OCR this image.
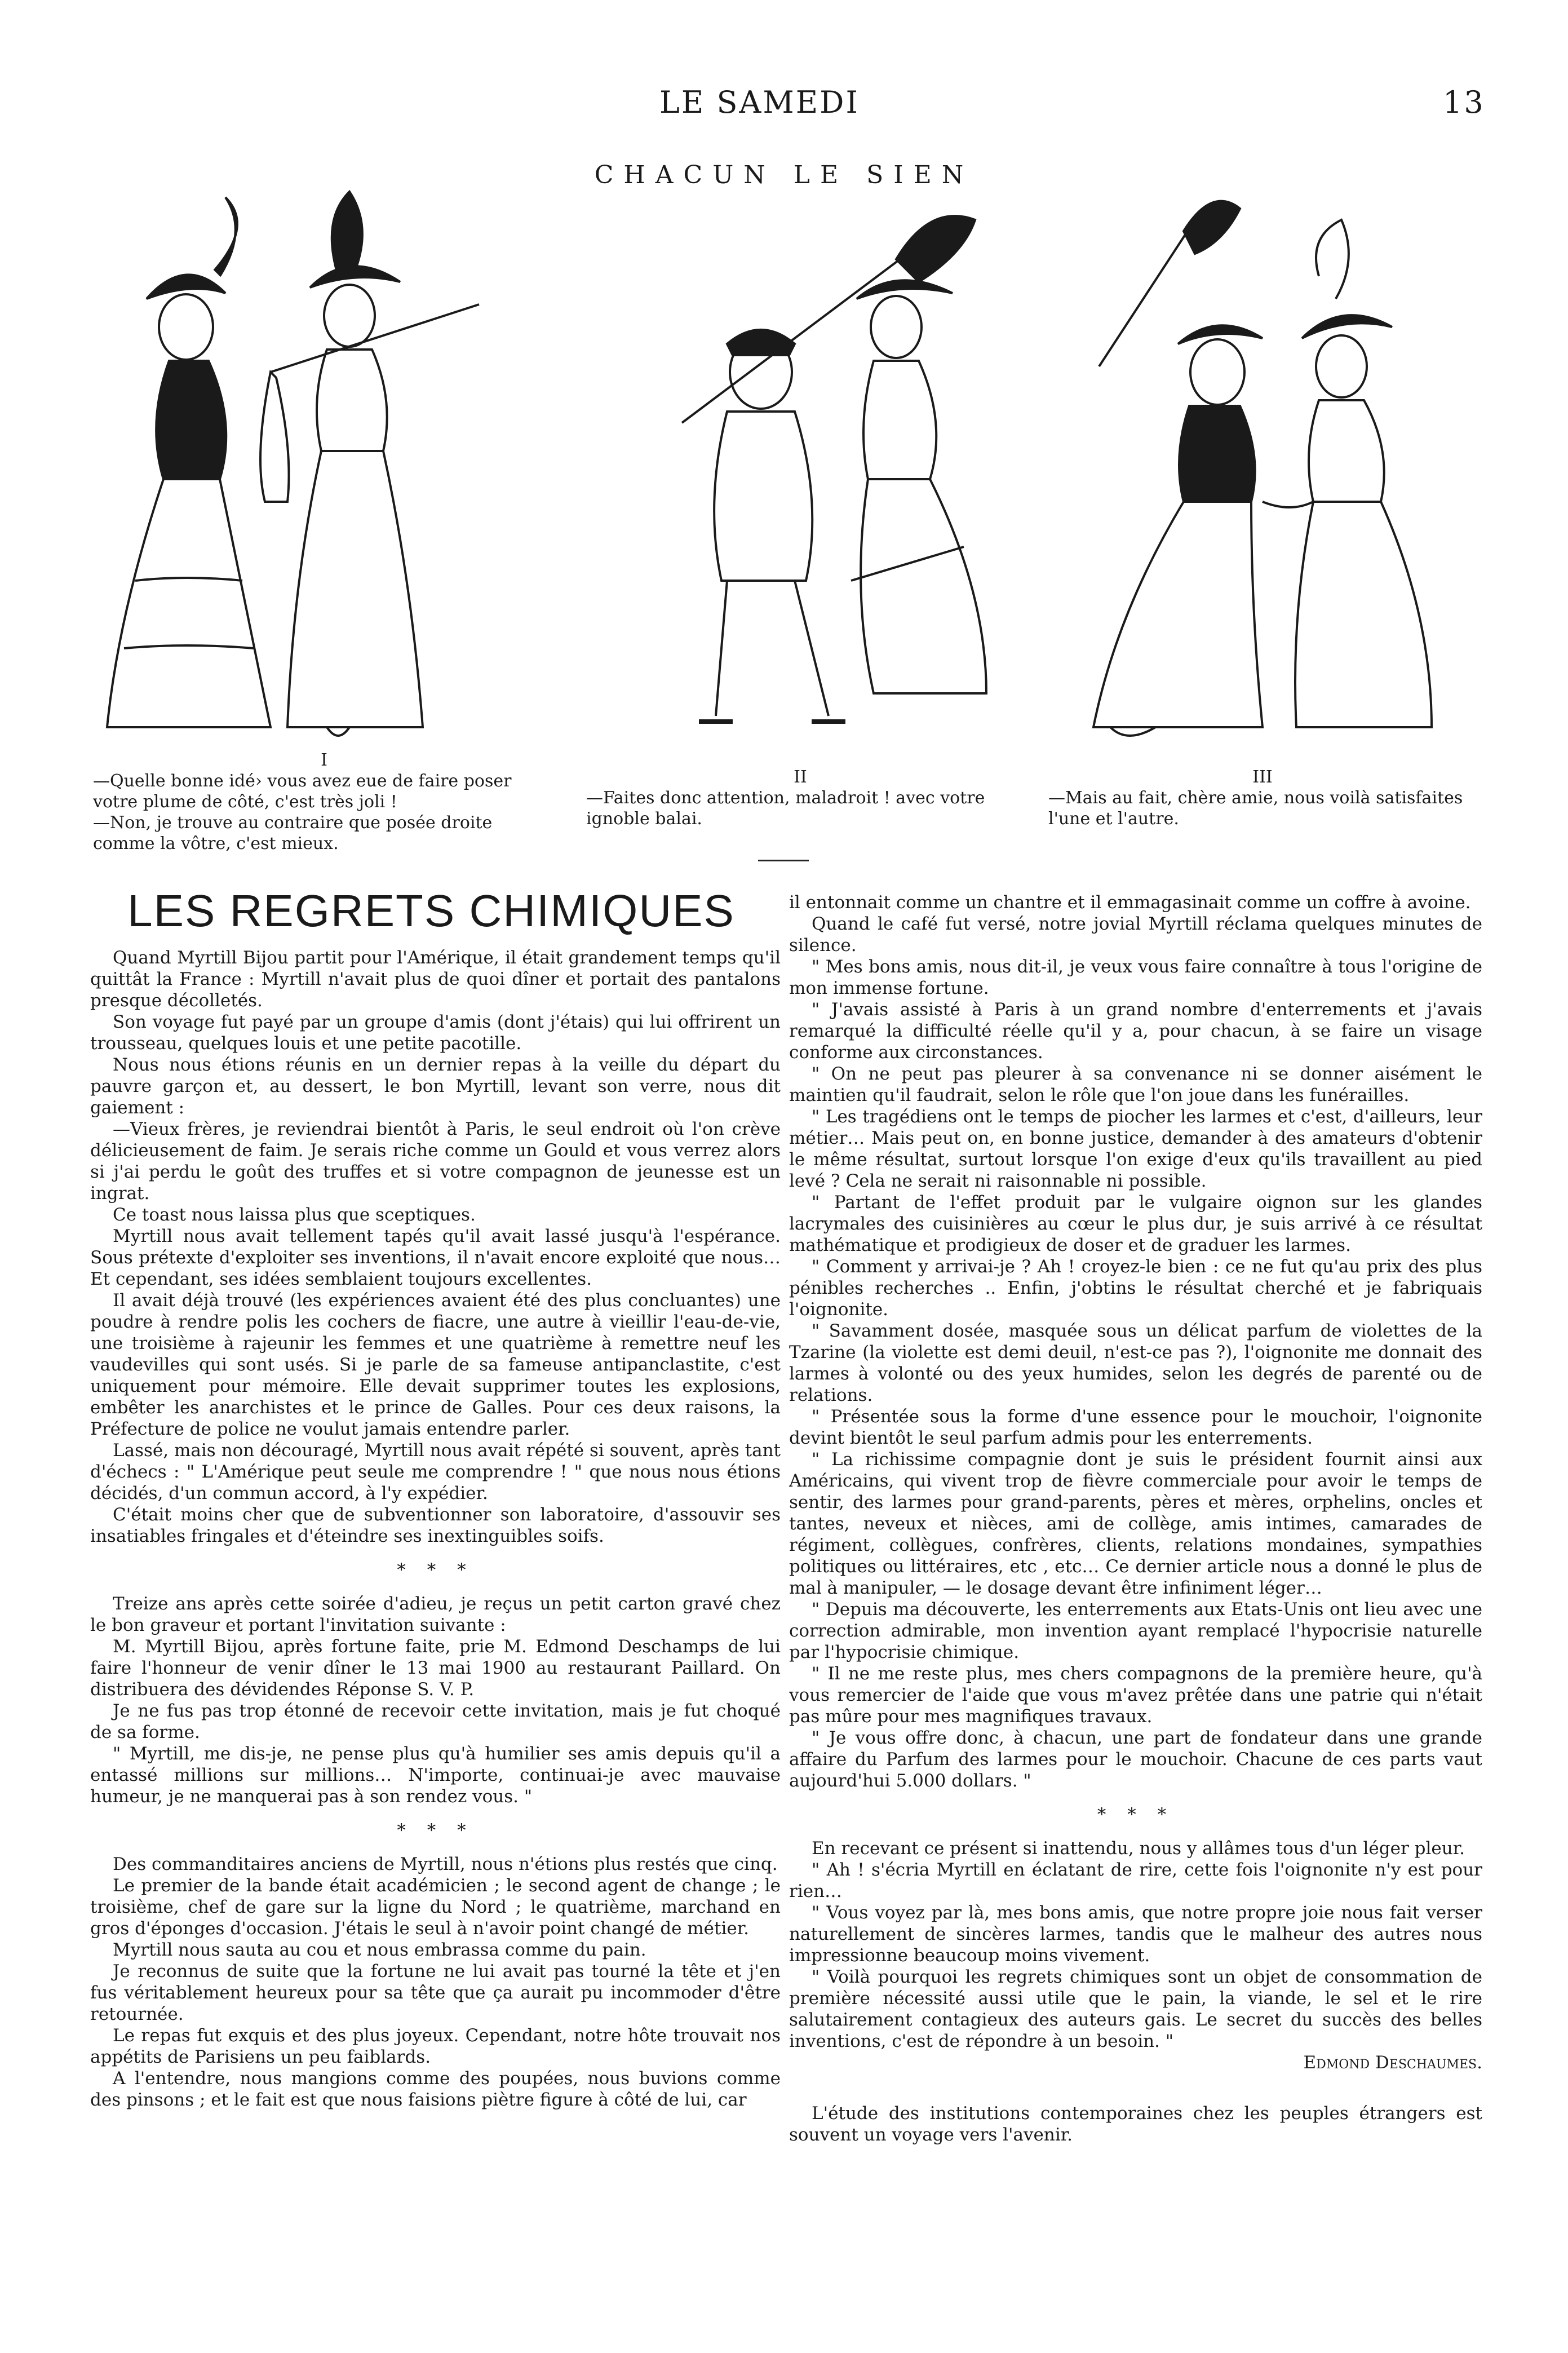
LE SAMEDI	13
CHACUN LE SIEN
I
—Quelle bonne idé› vous avez eue de faire poser votre plume de côté, c'est très joli !
—Non, je trouve au contraire que posée droite comme la vôtre, c'est mieux.
II
—Faites donc attention, maladroit ! avec votre ignoble balai.
III
—Mais au fait, chère amie, nous voilà satisfaites l'une et l'autre.
LES REGRETS CHIMIQUES

Quand Myrtill Bijou partit pour l'Amérique, il était grandement temps qu'il quittât la France : Myrtill n'avait plus de quoi dîner et portait des pantalons presque décolletés.

Son voyage fut payé par un groupe d'amis (dont j'étais) qui lui offrirent un trousseau, quelques louis et une petite pacotille.

Nous nous étions réunis en un dernier repas à la veille du départ du pauvre garçon et, au dessert, le bon Myrtill, levant son verre, nous dit gaiement :

—Vieux frères, je reviendrai bientôt à Paris, le seul endroit où l'on crève délicieusement de faim. Je serais riche comme un Gould et vous verrez alors si j'ai perdu le goût des truffes et si votre compagnon de jeunesse est un ingrat.

Ce toast nous laissa plus que sceptiques.

Myrtill nous avait tellement tapés qu'il avait lassé jusqu'à l'espérance. Sous prétexte d'exploiter ses inventions, il n'avait encore exploité que nous… Et cependant, ses idées semblaient toujours excellentes.

Il avait déjà trouvé (les expériences avaient été des plus concluantes) une poudre à rendre polis les cochers de fiacre, une autre à vieillir l'eau-de-vie, une troisième à rajeunir les femmes et une quatrième à remettre neuf les vaudevilles qui sont usés. Si je parle de sa fameuse antipanclastite, c'est uniquement pour mémoire. Elle devait supprimer toutes les explosions, embêter les anarchistes et le prince de Galles. Pour ces deux raisons, la Préfecture de police ne voulut jamais entendre parler.

Lassé, mais non découragé, Myrtill nous avait répété si souvent, après tant d'échecs : " L'Amérique peut seule me comprendre ! " que nous nous étions décidés, d'un commun accord, à l'y expédier.

C'était moins cher que de subventionner son laboratoire, d'assouvir ses insatiables fringales et d'éteindre ses inextinguibles soifs.

* * *

Treize ans après cette soirée d'adieu, je reçus un petit carton gravé chez le bon graveur et portant l'invitation suivante :

M. Myrtill Bijou, après fortune faite, prie M. Edmond Deschamps de lui faire l'honneur de venir dîner le 13 mai 1900 au restaurant Paillard. On distribuera des dévidendes Réponse S. V. P.

Je ne fus pas trop étonné de recevoir cette invitation, mais je fut choqué de sa forme.

" Myrtill, me dis-je, ne pense plus qu'à humilier ses amis depuis qu'il a entassé millions sur millions… N'importe, continuai-je avec mauvaise humeur, je ne manquerai pas à son rendez vous. "

* * *

Des commanditaires anciens de Myrtill, nous n'étions plus restés que cinq.

Le premier de la bande était académicien ; le second agent de change ; le troisième, chef de gare sur la ligne du Nord ; le quatrième, marchand en gros d'éponges d'occasion. J'étais le seul à n'avoir point changé de métier.

Myrtill nous sauta au cou et nous embrassa comme du pain.

Je reconnus de suite que la fortune ne lui avait pas tourné la tête et j'en fus véritablement heureux pour sa tête que ça aurait pu incommoder d'être retournée.

Le repas fut exquis et des plus joyeux. Cependant, notre hôte trouvait nos appétits de Parisiens un peu faiblards.

A l'entendre, nous mangions comme des poupées, nous buvions comme des pinsons ; et le fait est que nous faisions piètre figure à côté de lui, car

il entonnait comme un chantre et il emmagasinait comme un coffre à avoine.

Quand le café fut versé, notre jovial Myrtill réclama quelques minutes de silence.

" Mes bons amis, nous dit-il, je veux vous faire connaître à tous l'origine de mon immense fortune.

" J'avais assisté à Paris à un grand nombre d'enterrements et j'avais remarqué la difficulté réelle qu'il y a, pour chacun, à se faire un visage conforme aux circonstances.

" On ne peut pas pleurer à sa convenance ni se donner aisément le maintien qu'il faudrait, selon le rôle que l'on joue dans les funérailles.

" Les tragédiens ont le temps de piocher les larmes et c'est, d'ailleurs, leur métier… Mais peut on, en bonne justice, demander à des amateurs d'obtenir le même résultat, surtout lorsque l'on exige d'eux qu'ils travaillent au pied levé ? Cela ne serait ni raisonnable ni possible.

" Partant de l'effet produit par le vulgaire oignon sur les glandes lacrymales des cuisinières au cœur le plus dur, je suis arrivé à ce résultat mathématique et prodigieux de doser et de graduer les larmes.

" Comment y arrivai-je ? Ah ! croyez-le bien : ce ne fut qu'au prix des plus pénibles recherches .. Enfin, j'obtins le résultat cherché et je fabriquais l'oignonite.

" Savamment dosée, masquée sous un délicat parfum de violettes de la Tzarine (la violette est demi deuil, n'est-ce pas ?), l'oignonite me donnait des larmes à volonté ou des yeux humides, selon les degrés de parenté ou de relations.

" Présentée sous la forme d'une essence pour le mouchoir, l'oignonite devint bientôt le seul parfum admis pour les enterrements.

" La richissime compagnie dont je suis le président fournit ainsi aux Américains, qui vivent trop de fièvre commerciale pour avoir le temps de sentir, des larmes pour grand-parents, pères et mères, orphelins, oncles et tantes, neveux et nièces, ami de collège, amis intimes, camarades de régiment, collègues, confrères, clients, relations mondaines, sympathies politiques ou littéraires, etc , etc… Ce dernier article nous a donné le plus de mal à manipuler, — le dosage devant être infiniment léger…

" Depuis ma découverte, les enterrements aux Etats-Unis ont lieu avec une correction admirable, mon invention ayant remplacé l'hypocrisie naturelle par l'hypocrisie chimique.

" Il ne me reste plus, mes chers compagnons de la première heure, qu'à vous remercier de l'aide que vous m'avez prêtée dans une patrie qui n'était pas mûre pour mes magnifiques travaux.

" Je vous offre donc, à chacun, une part de fondateur dans une grande affaire du Parfum des larmes pour le mouchoir. Chacune de ces parts vaut aujourd'hui 5.000 dollars. "

* * *

En recevant ce présent si inattendu, nous y allâmes tous d'un léger pleur.

" Ah ! s'écria Myrtill en éclatant de rire, cette fois l'oignonite n'y est pour rien…

" Vous voyez par là, mes bons amis, que notre propre joie nous fait verser naturellement de sincères larmes, tandis que le malheur des autres nous impressionne beaucoup moins vivement.

" Voilà pourquoi les regrets chimiques sont un objet de consommation de première nécessité aussi utile que le pain, la viande, le sel et le rire salutairement contagieux des auteurs gais. Le secret du succès des belles inventions, c'est de répondre à un besoin. "

Edmond Deschaumes.

L'étude des institutions contemporaines chez les peuples étrangers est souvent un voyage vers l'avenir.
